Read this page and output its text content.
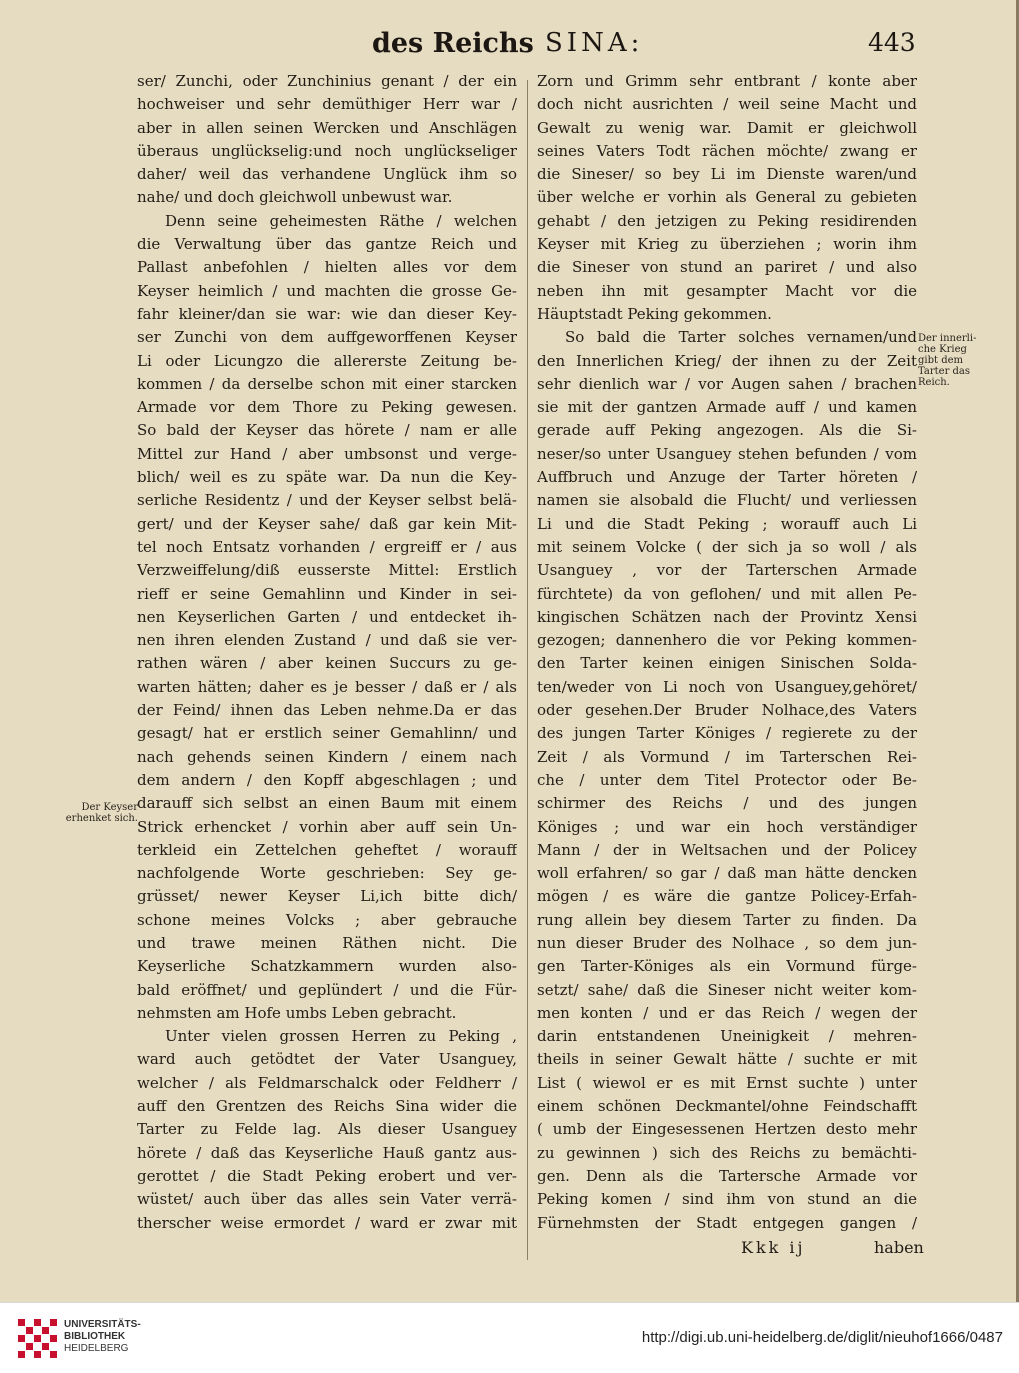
des Reichs SINA:	443
ser/ Zunchi, oder Zunchinius genant / der ein
hochweiser und sehr demüthiger Herr war /
aber in allen seinen Wercken und Anschlägen
überaus unglückselig:und noch unglückseliger
daher/ weil das verhandene Unglück ihm so
nahe/ und doch gleichwoll unbewust war.
Denn seine geheimesten Räthe / welchen
die Verwaltung über das gantze Reich und
Pallast anbefohlen / hielten alles vor dem
Keyser heimlich / und machten die grosse Ge-
fahr kleiner/dan sie war: wie dan dieser Key-
ser Zunchi von dem auffgeworffenen Keyser
Li oder Licungzo die allererste Zeitung be-
kommen / da derselbe schon mit einer starcken
Armade vor dem Thore zu Peking gewesen.
So bald der Keyser das hörete / nam er alle
Mittel zur Hand / aber umbsonst und verge-
blich/ weil es zu späte war. Da nun die Key-
serliche Residentz / und der Keyser selbst belä-
gert/ und der Keyser sahe/ daß gar kein Mit-
tel noch Entsatz vorhanden / ergreiff er / aus
Verzweiffelung/diß eusserste Mittel: Erstlich
rieff er seine Gemahlinn und Kinder in sei-
nen Keyserlichen Garten / und entdecket ih-
nen ihren elenden Zustand / und daß sie ver-
rathen wären / aber keinen Succurs zu ge-
warten hätten; daher es je besser / daß er / als
der Feind/ ihnen das Leben nehme.Da er das
gesagt/ hat er erstlich seiner Gemahlinn/ und
nach gehends seinen Kindern / einem nach
dem andern / den Kopff abgeschlagen ; und
darauff sich selbst an einen Baum mit einem
Strick erhencket / vorhin aber auff sein Un-
terkleid ein Zettelchen geheftet / worauff
nachfolgende Worte geschrieben: Sey ge-
grüsset/ newer Keyser Li,ich bitte dich/
schone meines Volcks ; aber gebrauche
und trawe meinen Räthen nicht. Die
Keyserliche Schatzkammern wurden also-
bald eröffnet/ und geplündert / und die Für-
nehmsten am Hofe umbs Leben gebracht.
Unter vielen grossen Herren zu Peking ,
ward auch getödtet der Vater Usanguey,
welcher / als Feldmarschalck oder Feldherr /
auff den Grentzen des Reichs Sina wider die
Tarter zu Felde lag. Als dieser Usanguey
hörete / daß das Keyserliche Hauß gantz aus-
gerottet / die Stadt Peking erobert und ver-
wüstet/ auch über das alles sein Vater verrä-
therscher weise ermordet / ward er zwar mit
Zorn und Grimm sehr entbrant / konte aber
doch nicht ausrichten / weil seine Macht und
Gewalt zu wenig war. Damit er gleichwoll
seines Vaters Todt rächen möchte/ zwang er
die Sineser/ so bey Li im Dienste waren/und
über welche er vorhin als General zu gebieten
gehabt / den jetzigen zu Peking residirenden
Keyser mit Krieg zu überziehen ; worin ihm
die Sineser von stund an pariret / und also
neben ihn mit gesampter Macht vor die
Häuptstadt Peking gekommen.
So bald die Tarter solches vernamen/und
den Innerlichen Krieg/ der ihnen zu der Zeit
sehr dienlich war / vor Augen sahen / brachen
sie mit der gantzen Armade auff / und kamen
gerade auff Peking angezogen. Als die Si-
neser/so unter Usanguey stehen befunden / vom
Auffbruch und Anzuge der Tarter höreten /
namen sie alsobald die Flucht/ und verliessen
Li und die Stadt Peking ; worauff auch Li
mit seinem Volcke ( der sich ja so woll / als
Usanguey , vor der Tarterschen Armade
fürchtete) da von geflohen/ und mit allen Pe-
kingischen Schätzen nach der Provintz Xensi
gezogen; dannenhero die vor Peking kommen-
den Tarter keinen einigen Sinischen Solda-
ten/weder von Li noch von Usanguey,gehöret/
oder gesehen.Der Bruder Nolhace,des Vaters
des jungen Tarter Königes / regierete zu der
Zeit / als Vormund / im Tarterschen Rei-
che / unter dem Titel Protector oder Be-
schirmer des Reichs / und des jungen
Königes ; und war ein hoch verständiger
Mann / der in Weltsachen und der Policey
woll erfahren/ so gar / daß man hätte dencken
mögen / es wäre die gantze Policey-Erfah-
rung allein bey diesem Tarter zu finden. Da
nun dieser Bruder des Nolhace , so dem jun-
gen Tarter-Königes als ein Vormund fürge-
setzt/ sahe/ daß die Sineser nicht weiter kom-
men konten / und er das Reich / wegen der
darin entstandenen Uneinigkeit / mehren-
theils in seiner Gewalt hätte / suchte er mit
List ( wiewol er es mit Ernst suchte ) unter
einem schönen Deckmantel/ohne Feindschafft
( umb der Eingesessenen Hertzen desto mehr
zu gewinnen ) sich des Reichs zu bemächti-
gen. Denn als die Tartersche Armade vor
Peking komen / sind ihm von stund an die
Fürnehmsten der Stadt entgegen gangen /
Der innerli-
che Krieg
gibt dem
Tarter das
Reich.
Der Keyser
erhenket sich.
Kkk ij	haben
UNIVERSITÄTS-
BIBLIOTHEK
HEIDELBERG
http://digi.ub.uni-heidelberg.de/diglit/nieuhof1666/0487
